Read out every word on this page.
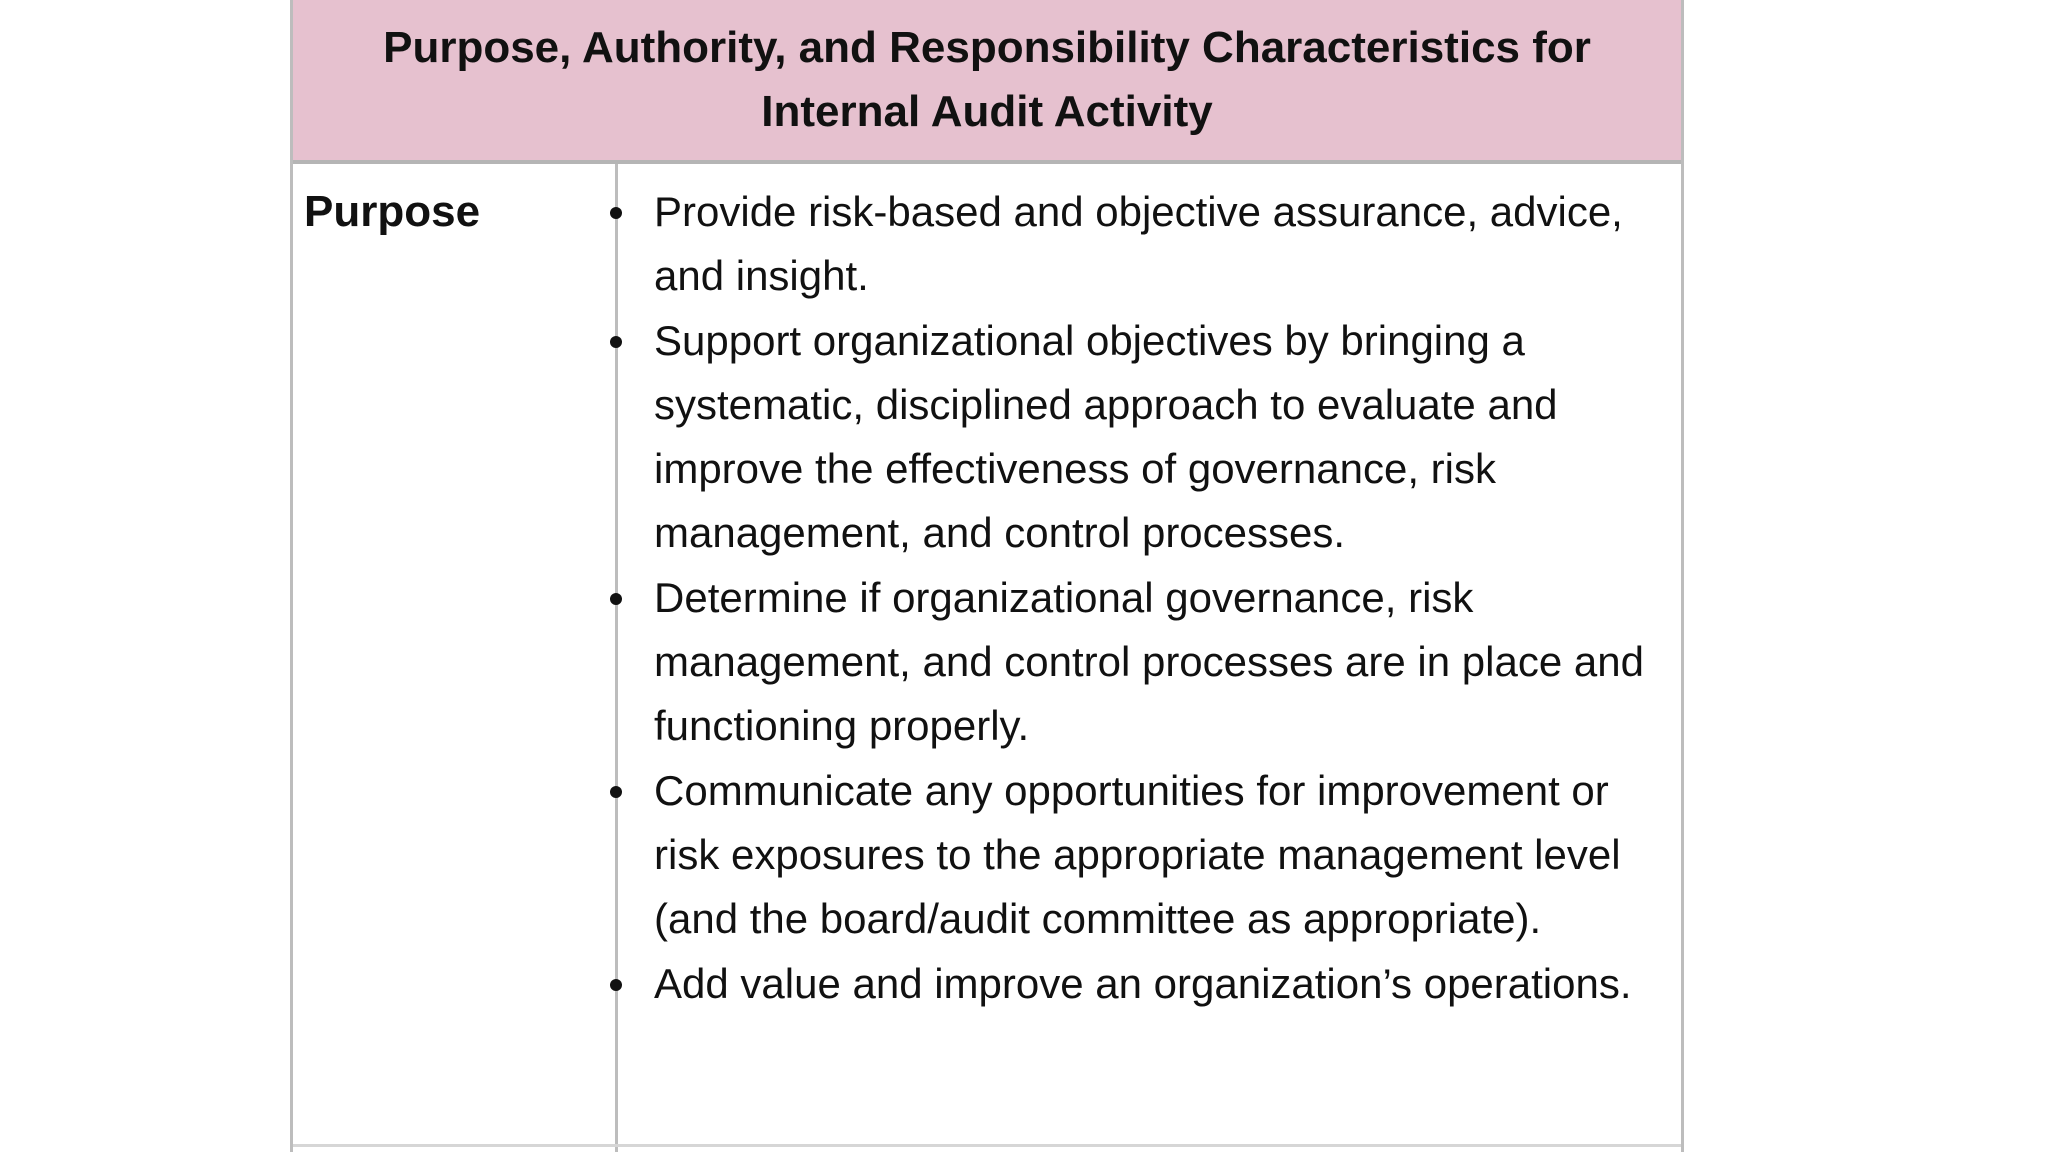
Purpose, Authority, and Responsibility Characteristics for Internal Audit Activity
Purpose	Provide risk-based and objective assurance, advice, and insight.
Support organizational objectives by bringing a systematic, disciplined approach to evaluate and improve the effectiveness of governance, risk management, and control processes.
Determine if organizational governance, risk management, and control processes are in place and functioning properly.
Communicate any opportunities for improvement or risk exposures to the appropriate management level (and the board/audit committee as appropriate).
Add value and improve an organization’s operations.
